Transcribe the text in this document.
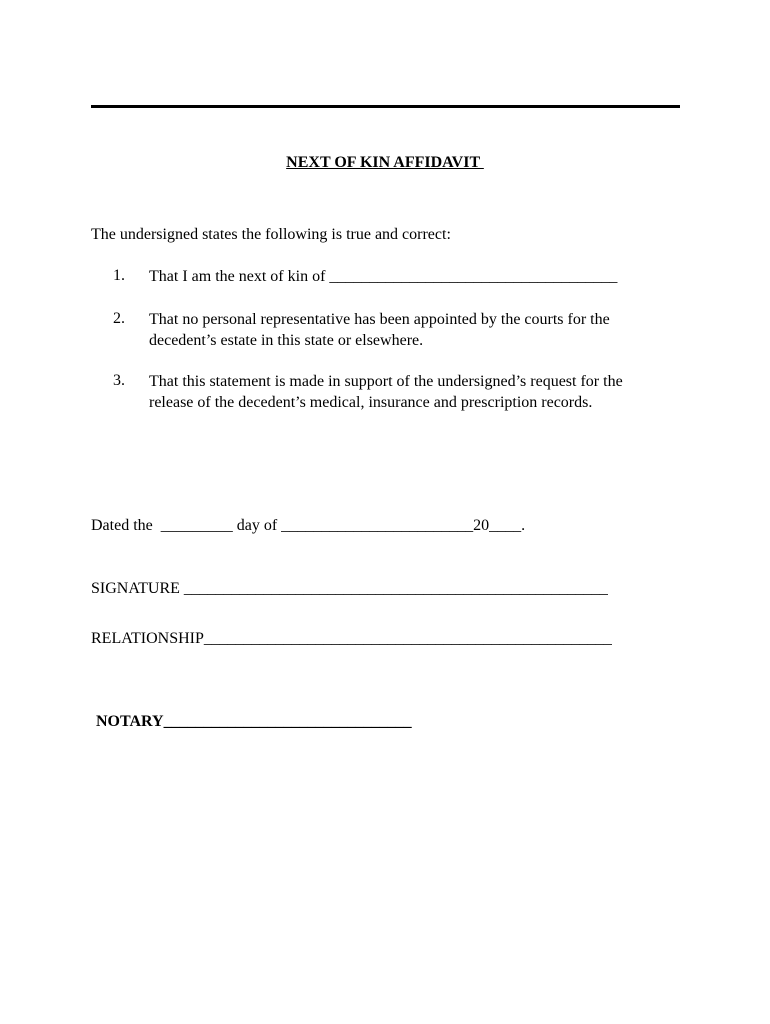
NEXT OF KIN AFFIDAVIT
The undersigned states the following is true and correct:
1. That I am the next of kin of ____________________________________
2. That no personal representative has been appointed by the courts for the
decedent’s estate in this state or elsewhere.
3. That this statement is made in support of the undersigned’s request for the
release of the decedent’s medical, insurance and prescription records.
Dated the  _________ day of ________________________20____.
SIGNATURE _____________________________________________________
RELATIONSHIP___________________________________________________
NOTARY_______________________________
